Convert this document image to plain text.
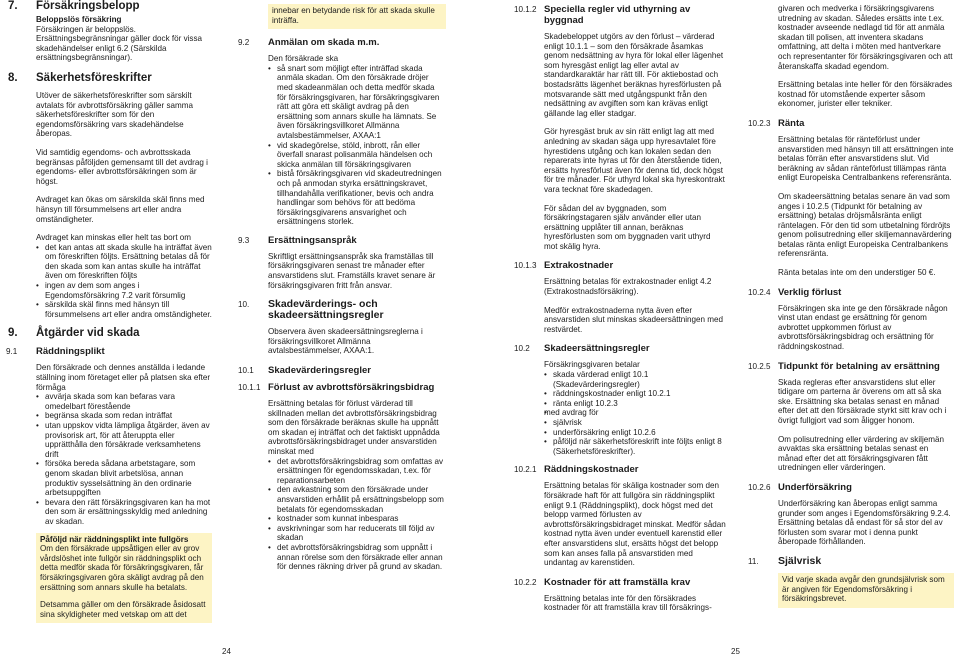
7. Försäkringsbelopp
Beloppslös försäkring

Försäkringen är beloppslös. Ersättningsbegränsningar gäller dock för vissa skadehändelser enligt 6.2 (Särskilda ersättningsbegränsningar).

8. Säkerhetsföreskrifter

Utöver de säkerhetsföreskrifter som särskilt avtalats för avbrottsförsäkring gäller samma säkerhetsföreskrifter som för den egendomsförsäkring vars skadehändelse åberopas.

Vid samtidig egendoms- och avbrottsskada begränsas påföljden gemensamt till det avdrag i egendoms- eller avbrottsförsäkringen som är högst.

Avdraget kan ökas om särskilda skäl finns med hänsyn till försummelsens art eller andra omständigheter.

Avdraget kan minskas eller helt tas bort om
• det kan antas att skada skulle ha inträffat även om föreskriften följts. Ersättning betalas då för den skada som kan antas skulle ha inträffat även om föreskriften följts
• ingen av dem som anges i Egendomsförsäkring 7.2 varit försumlig
• särskilda skäl finns med hänsyn till försummelsens art eller andra omständigheter.
9. Åtgärder vid skada
9.1 Räddningsplikt
Den försäkrade och dennes anställda i ledande ställning inom företaget eller på platsen ska efter förmåga
• avvärja skada som kan befaras vara omedelbart förestående
• begränsa skada som redan inträffat
• utan uppskov vidta lämpliga åtgärder, även av provisorisk art, för att återuppta eller upprätthålla den försäkrade verksamhetens drift
• försöka bereda sådana arbetstagare, som genom skadan blivit arbetslösa, annan produktiv sysselsättning än den ordinarie arbetsuppgiften
• bevara den rätt försäkringsgivaren kan ha mot den som är ersättningsskyldig med anledning av skadan.
Påföljd när räddningsplikt inte fullgörs

Om den försäkrade uppsåtligen eller av grov vårdslöshet inte fullgör sin räddningsplikt och detta medför skada för försäkringsgivaren, får försäkringsgivaren göra skäligt avdrag på den ersättning som annars skulle ha betalats.

Detsamma gäller om den försäkrade åsidosatt sina skyldigheter med vetskap om att det
innebar en betydande risk för att skada skulle inträffa.
9.2 Anmälan om skada m.m.
Den försäkrade ska
• så snart som möjligt efter inträffad skada anmäla skadan. Om den försäkrade dröjer med skadeanmälan och detta medför skada för försäkringsgivaren, har försäkringsgivaren rätt att göra ett skäligt avdrag på den ersättning som annars skulle ha lämnats. Se även försäkringsvillkoret Allmänna avtalsbestämmelser, AXAA:1
• vid skadegörelse, stöld, inbrott, rån eller överfall snarast polisanmäla händelsen och skicka anmälan till försäkringsgivaren
• bistå försäkringsgivaren vid skadeutredningen och på anmodan styrka ersättningskravet, tillhandahålla verifikationer, bevis och andra handlingar som behövs för att bedöma försäkringsgivarens ansvarighet och ersättningens storlek.
9.3 Ersättningsanspråk

Skriftligt ersättningsanspråk ska framställas till försäkringsgivaren senast tre månader efter ansvarstidens slut. Framställs kravet senare är försäkringsgivaren fritt från ansvar.

10. Skadevärderings- och skadeersättningsregler

Observera även skadeersättningsreglerna i försäkringsvillkoret Allmänna avtalsbestämmelser, AXAA:1.

10.1 Skadevärderingsregler
10.1.1 Förlust av avbrottsförsäkringsbidrag
Ersättning betalas för förlust värderad till skillnaden mellan det avbrottsförsäkringsbidrag som den försäkrade beräknas skulle ha uppnått om skadan ej inträffat och det faktiskt uppnådda avbrottsförsäkringsbidraget under ansvarstiden minskat med
• det avbrottsförsäkringsbidrag som omfattas av ersättningen för egendomsskadan, t.ex. för reparationsarbeten
• den avkastning som den försäkrade under ansvarstiden erhållit på ersättningsbelopp som betalats för egendomsskadan
• kostnader som kunnat inbesparas
• avskrivningar som har reducerats till följd av skadan
• det avbrottsförsäkringsbidrag som uppnått i annan rörelse som den försäkrade eller annan för dennes räkning driver på grund av skadan.
24
10.1.2 Speciella regler vid uthyrning av byggnad

Skadebeloppet utgörs av den förlust – värderad enligt 10.1.1 – som den försäkrade åsamkas genom nedsättning av hyra för lokal eller lägenhet som hyresgäst enligt lag eller avtal av standardkaraktär har rätt till. För aktiebostad och bostadsrätts lägenhet beräknas hyresförlusten på motsvarande sätt med utgångspunkt från den nedsättning av avgiften som kan krävas enligt gällande lag eller stadgar.

Gör hyresgäst bruk av sin rätt enligt lag att med anledning av skadan säga upp hyresavtalet före hyrestidens utgång och kan lokalen sedan den reparerats inte hyras ut för den återstående tiden, ersätts hyresförlust även för denna tid, dock högst för tre månader. För uthyrd lokal ska hyreskontrakt vara tecknat före skadedagen.

För sådan del av byggnaden, som försäkringstagaren själv använder eller utan ersättning upplåter till annan, beräknas hyresförlusten som om byggnaden varit uthyrd mot skälig hyra.

10.1.3 Extrakostnader

Ersättning betalas för extrakostnader enligt 4.2 (Extrakostnadsförsäkring).

Medför extrakostnaderna nytta även efter ansvarstiden slut minskas skadeersättningen med restvärdet.

10.2 Skadeersättningsregler
Försäkringsgivaren betalar
• skada värderad enligt 10.1 (Skadevärderingsregler)
• räddningskostnader enligt 10.2.1
• ränta enligt 10.2.3
• med avdrag för
• självrisk
• underförsäkring enligt 10.2.6
• påföljd när säkerhetsföreskrift inte följts enligt 8 (Säkerhetsföreskrifter).
10.2.1 Räddningskostnader

Ersättning betalas för skäliga kostnader som den försäkrade haft för att fullgöra sin räddningsplikt enligt 9.1 (Räddningsplikt), dock högst med det belopp varmed förlusten av avbrottsförsäkringsbidraget minskat. Medför sådan kostnad nytta även under eventuell karenstid eller efter ansvarstidens slut, ersätts högst det belopp som kan anses falla på ansvarstiden med undantag av karenstiden.

10.2.2 Kostnader för att framställa krav

Ersättning betalas inte för den försäkrades kostnader för att framställa krav till försäkrings-

givaren och medverka i försäkringsgivarens utredning av skadan. Således ersätts inte t.ex. kostnader avseende nedlagd tid för att anmäla skadan till polisen, att inventera skadans omfattning, att delta i möten med hantverkare och representanter för försäkringsgivaren och att återanskaffa skadad egendom.

Ersättning betalas inte heller för den försäkrades kostnad för utomstående experter såsom ekonomer, jurister eller tekniker.

10.2.3 Ränta

Ersättning betalas för ränteförlust under ansvarstiden med hänsyn till att ersättningen inte betalas förrän efter ansvarstidens slut. Vid beräkning av sådan ränteförlust tillämpas ränta enligt Europeiska Centralbankens referensränta.

Om skadeersättning betalas senare än vad som anges i 10.2.5 (Tidpunkt för betalning av ersättning) betalas dröjsmålsränta enligt räntelagen. För den tid som utbetalning fördröjts genom polisutredning eller skiljemannavärdering betalas ränta enligt Europeiska Centralbankens referensränta.

Ränta betalas inte om den understiger 50 €.

10.2.4 Verklig förlust

Försäkringen ska inte ge den försäkrade någon vinst utan endast ge ersättning för genom avbrottet uppkommen förlust av avbrottsförsäkringsbidrag och ersättning för räddningskostnad.

10.2.5 Tidpunkt för betalning av ersättning

Skada regleras efter ansvarstidens slut eller tidigare om parterna är överens om att så ska ske. Ersättning ska betalas senast en månad efter det att den försäkrade styrkt sitt krav och i övrigt fullgjort vad som åligger honom.

Om polisutredning eller värdering av skiljemän avvaktas ska ersättning betalas senast en månad efter det att försäkringsgivaren fått utredningen eller värderingen.

10.2.6 Underförsäkring

Underförsäkring kan åberopas enligt samma grunder som anges i Egendomsförsäkring 9.2.4. Ersättning betalas då endast för så stor del av förlusten som svarar mot i denna punkt åberopade förhållanden.

11. Självrisk
Vid varje skada avgår den grundsjälvrisk som är angiven för Egendomsförsäkring i försäkringsbrevet.
25
